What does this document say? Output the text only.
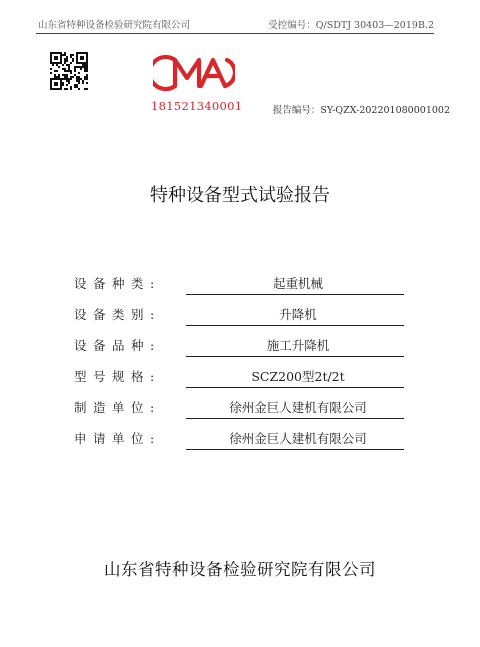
山东省特种设备检验研究院有限公司	受控编号：Q/SDTJ 30403—2019B.2
181521340001	报告编号：SY-QZX-202201080001002
特种设备型式试验报告
设备种类:	起重机械
设备类别:	升降机
设备品种:	施工升降机
型号规格:	SCZ200型2t/2t
制造单位:	徐州金巨人建机有限公司
申请单位:	徐州金巨人建机有限公司
山东省特种设备检验研究院有限公司
